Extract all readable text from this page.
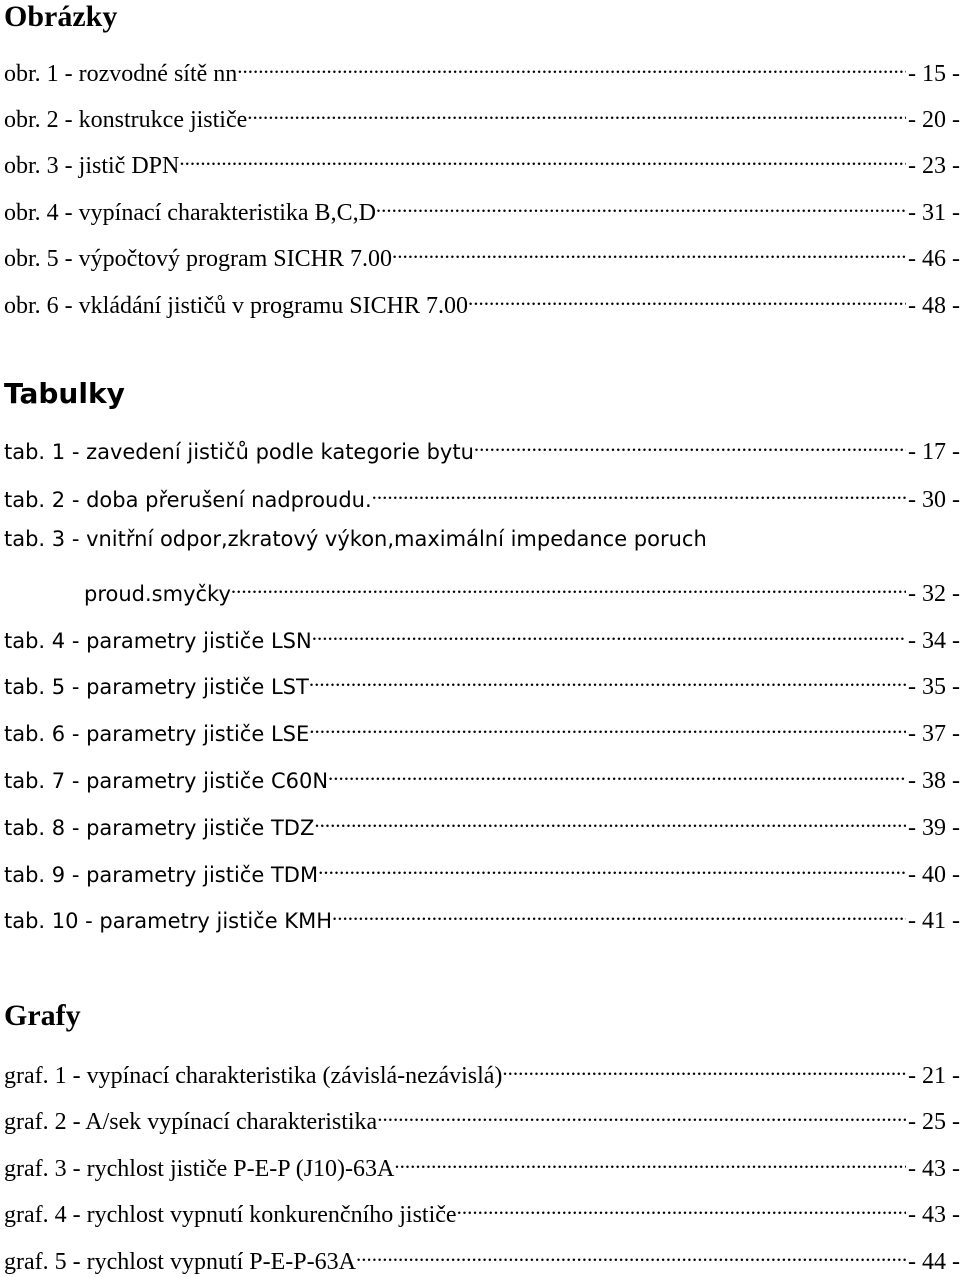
Obrázky
obr. 1 - rozvodné sítě nn .....	- 15 -
obr. 2 - konstrukce jističe .....	- 20 -
obr. 3 - jistič DPN .....	- 23 -
obr. 4 - vypínací charakteristika B,C,D .....	- 31 -
obr. 5 - výpočtový program SICHR 7.00 .....	- 46 -
obr. 6 - vkládání jističů v programu SICHR 7.00 .....	- 48 -
Tabulky
tab. 1 - zavedení jističů podle kategorie bytu .....	- 17 -
tab. 2 - doba přerušení nadproudu. .....	- 30 -
tab. 3 - vnitřní odpor,zkratový výkon,maximální impedance poruch
proud.smyčky .....	- 32 -
tab. 4 - parametry jističe LSN .....	- 34 -
tab. 5 - parametry jističe LST .....	- 35 -
tab. 6 - parametry jističe LSE .....	- 37 -
tab. 7 - parametry jističe C60N .....	- 38 -
tab. 8 - parametry jističe TDZ .....	- 39 -
tab. 9 - parametry jističe TDM .....	- 40 -
tab. 10 - parametry jističe KMH .....	- 41 -
Grafy
graf. 1 - vypínací charakteristika (závislá-nezávislá) .....	- 21 -
graf. 2 - A/sek vypínací charakteristika .....	- 25 -
graf. 3 - rychlost jističe P-E-P (J10)-63A .....	- 43 -
graf. 4 - rychlost vypnutí konkurenčního jističe .....	- 43 -
graf. 5 - rychlost vypnutí P-E-P-63A .....	- 44 -
